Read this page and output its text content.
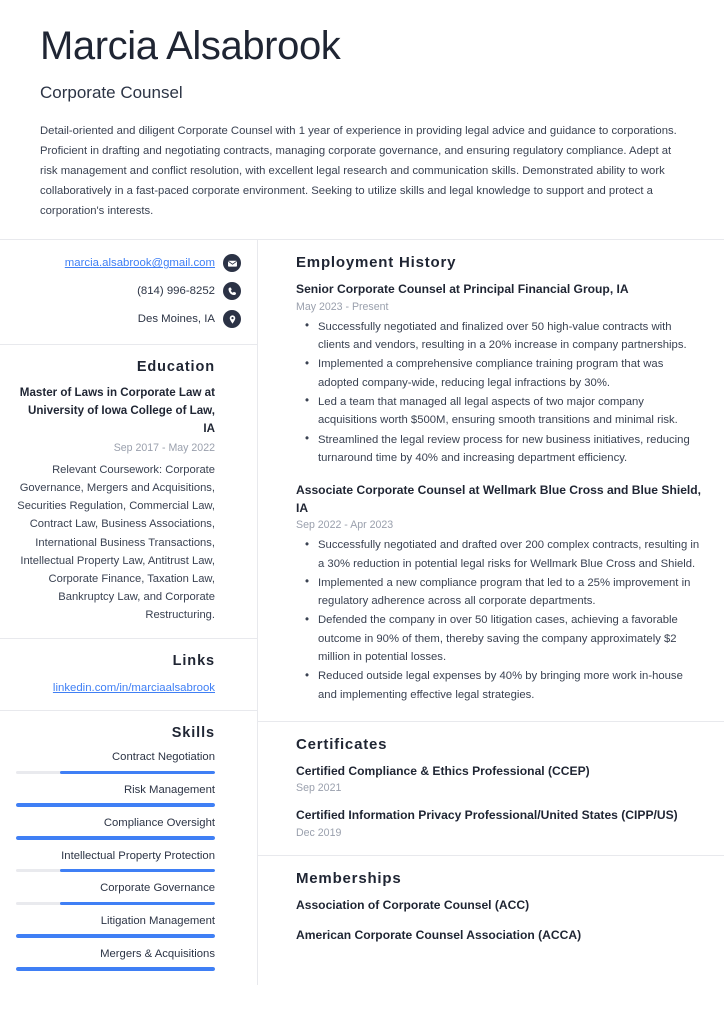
Marcia Alsabrook
Corporate Counsel
Detail-oriented and diligent Corporate Counsel with 1 year of experience in providing legal advice and guidance to corporations. Proficient in drafting and negotiating contracts, managing corporate governance, and ensuring regulatory compliance. Adept at risk management and conflict resolution, with excellent legal research and communication skills. Demonstrated ability to work collaboratively in a fast-paced corporate environment. Seeking to utilize skills and legal knowledge to support and protect a corporation's interests.
marcia.alsabrook@gmail.com
(814) 996-8252
Des Moines, IA
Education
Master of Laws in Corporate Law at University of Iowa College of Law, IA
Sep 2017 - May 2022
Relevant Coursework: Corporate Governance, Mergers and Acquisitions, Securities Regulation, Commercial Law, Contract Law, Business Associations, International Business Transactions, Intellectual Property Law, Antitrust Law, Corporate Finance, Taxation Law, Bankruptcy Law, and Corporate Restructuring.
Links
linkedin.com/in/marciaalsabrook
Skills
Contract Negotiation
Risk Management
Compliance Oversight
Intellectual Property Protection
Corporate Governance
Litigation Management
Mergers & Acquisitions
Employment History
Senior Corporate Counsel at Principal Financial Group, IA
May 2023 - Present
• Successfully negotiated and finalized over 50 high-value contracts with clients and vendors, resulting in a 20% increase in company partnerships.
• Implemented a comprehensive compliance training program that was adopted company-wide, reducing legal infractions by 30%.
• Led a team that managed all legal aspects of two major company acquisitions worth $500M, ensuring smooth transitions and minimal risk.
• Streamlined the legal review process for new business initiatives, reducing turnaround time by 40% and increasing department efficiency.
Associate Corporate Counsel at Wellmark Blue Cross and Blue Shield, IA
Sep 2022 - Apr 2023
• Successfully negotiated and drafted over 200 complex contracts, resulting in a 30% reduction in potential legal risks for Wellmark Blue Cross and Shield.
• Implemented a new compliance program that led to a 25% improvement in regulatory adherence across all corporate departments.
• Defended the company in over 50 litigation cases, achieving a favorable outcome in 90% of them, thereby saving the company approximately $2 million in potential losses.
• Reduced outside legal expenses by 40% by bringing more work in-house and implementing effective legal strategies.
Certificates
Certified Compliance & Ethics Professional (CCEP)
Sep 2021
Certified Information Privacy Professional/United States (CIPP/US)
Dec 2019
Memberships
Association of Corporate Counsel (ACC)
American Corporate Counsel Association (ACCA)
